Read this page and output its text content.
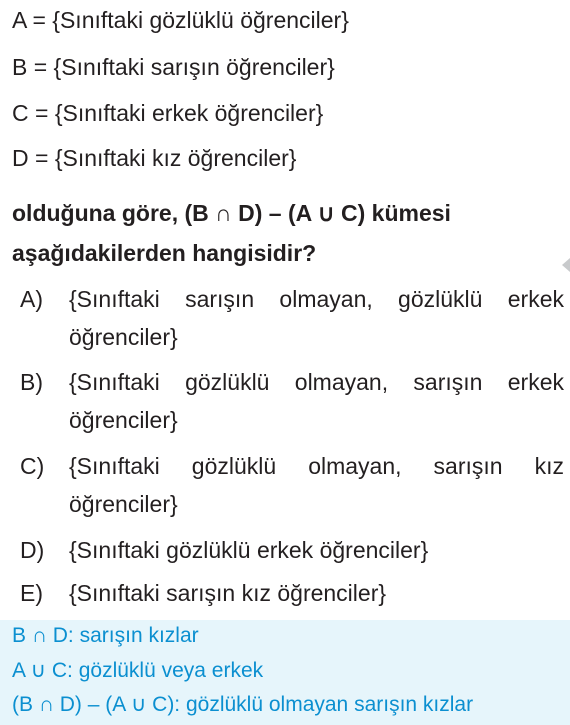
A = {Sınıftaki gözlüklü öğrenciler}
B = {Sınıftaki sarışın öğrenciler}
C = {Sınıftaki erkek öğrenciler}
D = {Sınıftaki kız öğrenciler}
olduğuna göre, (B ∩ D) – (A ∪ C) kümesi aşağıdakilerden hangisidir?
A) {Sınıftaki sarışın olmayan, gözlüklü erkek öğrenciler}
B) {Sınıftaki gözlüklü olmayan, sarışın erkek öğrenciler}
C) {Sınıftaki gözlüklü olmayan, sarışın kız öğrenciler}
D) {Sınıftaki gözlüklü erkek öğrenciler}
E) {Sınıftaki sarışın kız öğrenciler}
B ∩ D: sarışın kızlar
A ∪ C: gözlüklü veya erkek
(B ∩ D) – (A ∪ C): gözlüklü olmayan sarışın kızlar
